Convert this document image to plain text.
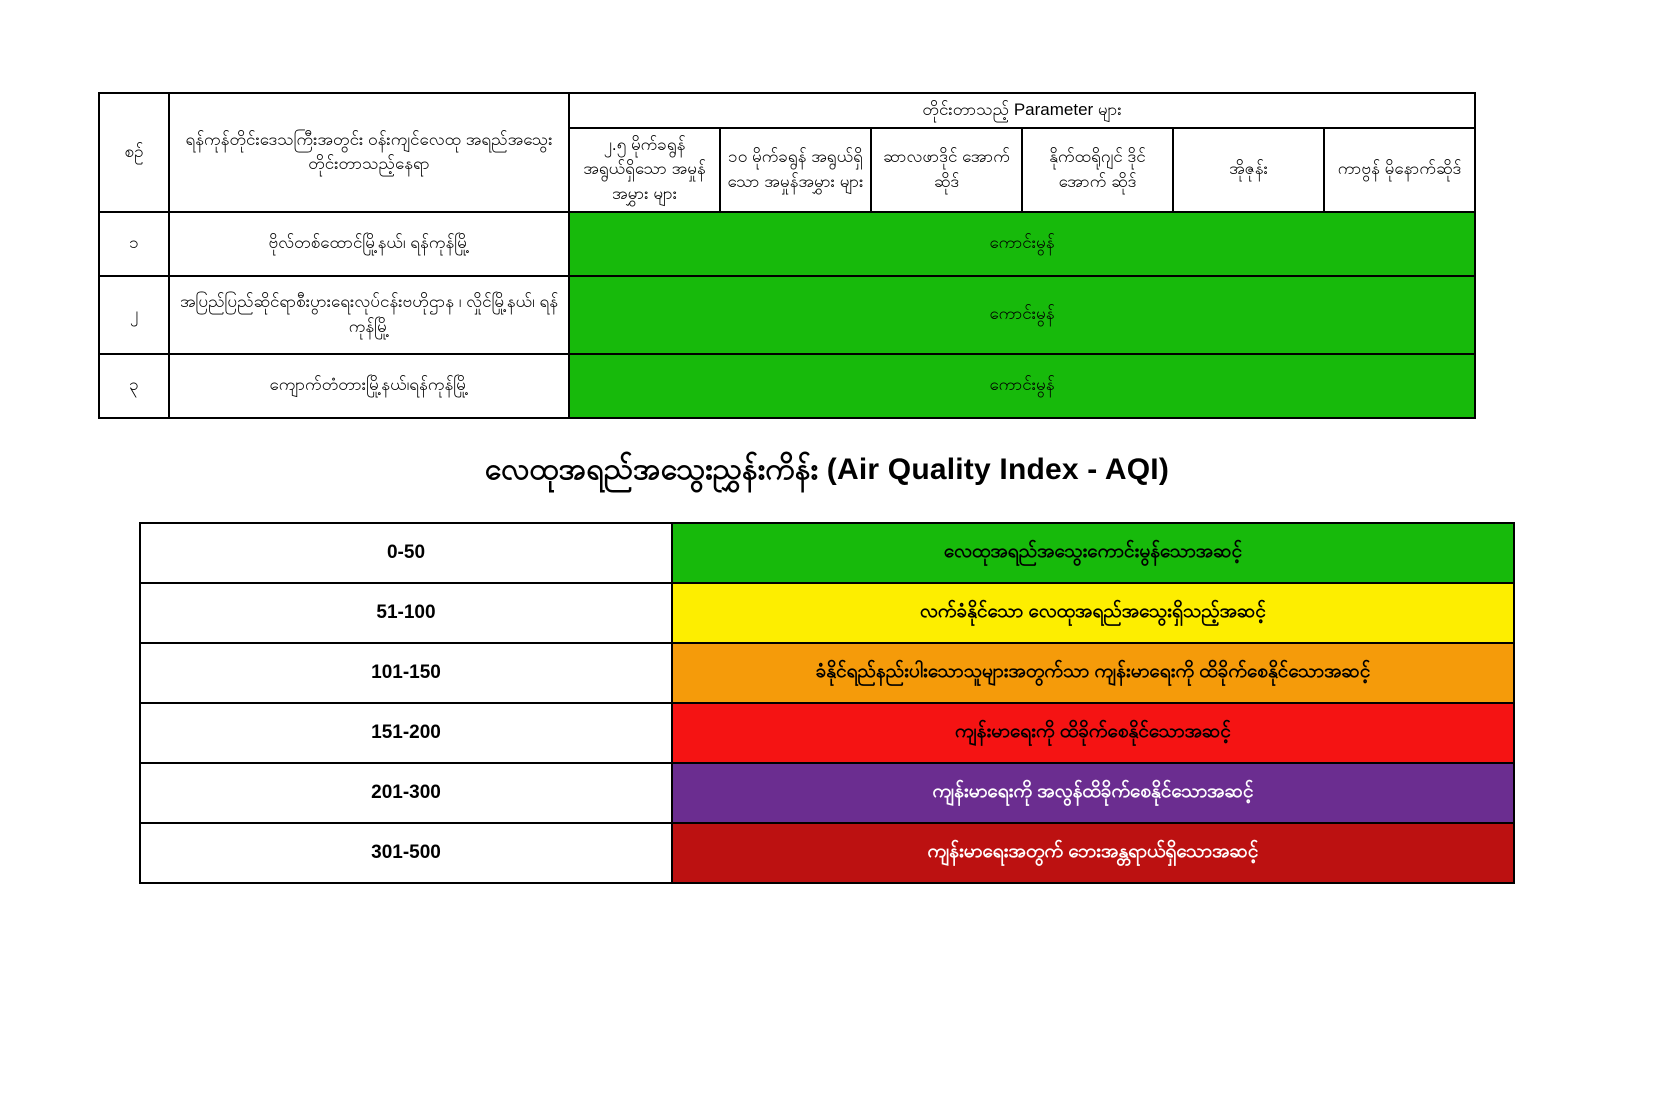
စဥ်	ရန်ကုန်တိုင်းဒေသကြီးအတွင်း ဝန်းကျင်လေထု အရည်အသွေး တိုင်းတာသည့်နေရာ	တိုင်းတာသည့် Parameter များ					
		၂.၅ မိုက်ခရွန် အရွယ်ရှိသော အမှုန်အမွှား များ	၁၀ မိုက်ခရွန် အရွယ်ရှိသော အမှုန်အမွှား များ	ဆာလဖာဒိုင် အောက်ဆိုဒ်	နိုက်ထရိုဂျင် ဒိုင်အောက် ဆိုဒ်	အိုဇုန်း	ကာဗွန် မိုနောက်ဆိုဒ်
၁	ဗိုလ်တစ်ထောင်မြို့နယ်၊ ရန်ကုန်မြို့	ကောင်းမွန်					
၂	အပြည်ပြည်ဆိုင်ရာစီးပွားရေးလုပ်ငန်းဗဟိုဌာန ၊ လှိုင်မြို့နယ်၊ ရန်ကုန်မြို့	ကောင်းမွန်					
၃	ကျောက်တံတားမြို့နယ်၊ရန်ကုန်မြို့	ကောင်းမွန်					
လေထုအရည်အသွေးညွှန်းကိန်း (Air Quality Index - AQI)
0-50	လေထုအရည်အသွေးကောင်းမွန်သောအဆင့်
51-100	လက်ခံနိုင်သော လေထုအရည်အသွေးရှိသည့်အဆင့်
101-150	ခံနိုင်ရည်နည်းပါးသောသူများအတွက်သာ ကျန်းမာရေးကို ထိခိုက်စေနိုင်သောအဆင့်
151-200	ကျန်းမာရေးကို ထိခိုက်စေနိုင်သောအဆင့်
201-300	ကျန်းမာရေးကို အလွန်ထိခိုက်စေနိုင်သောအဆင့်
301-500	ကျန်းမာရေးအတွက် ဘေးအန္တရာယ်ရှိသောအဆင့်
